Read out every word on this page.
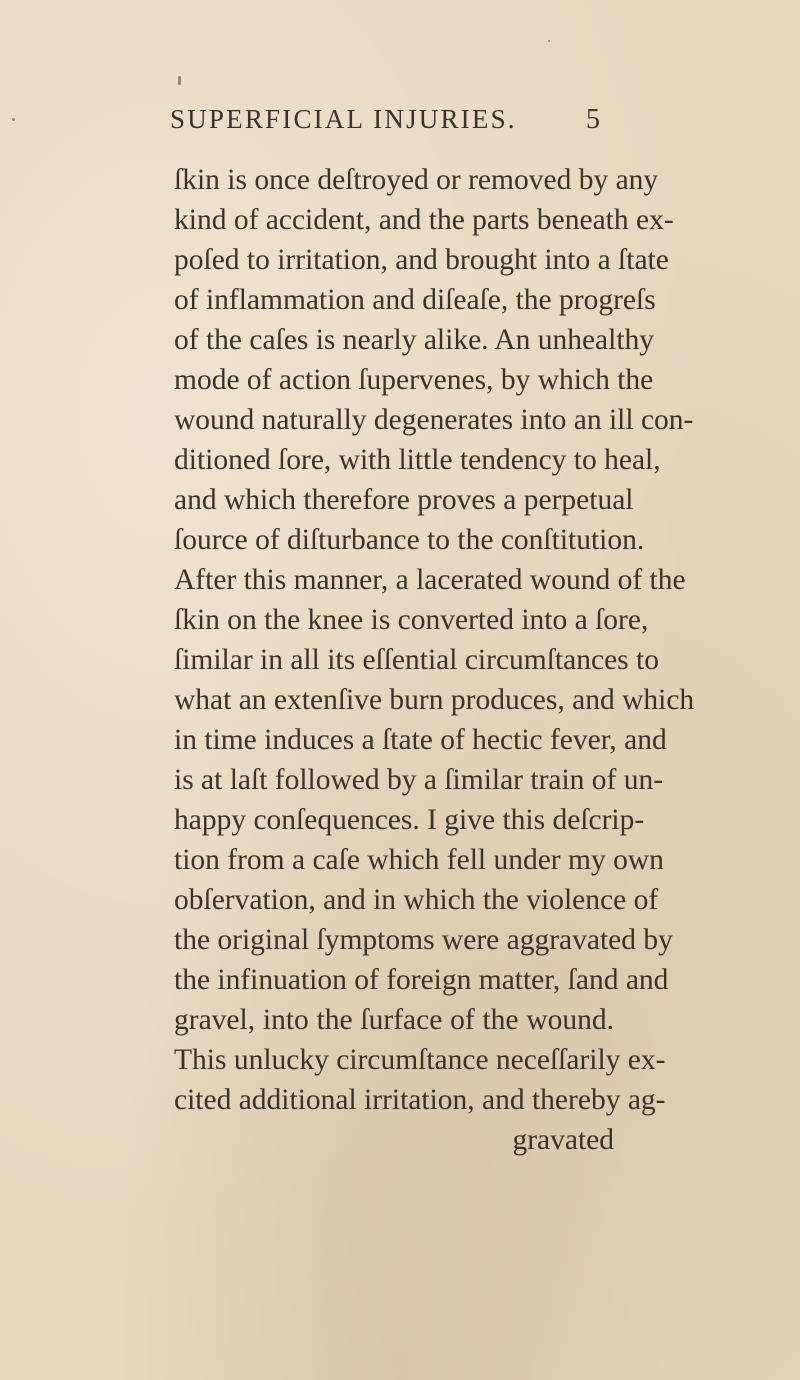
SUPERFICIAL INJURIES. 5
ſkin is once deſtroyed or removed by any
kind of accident, and the parts beneath ex-
poſed to irritation, and brought into a ſtate
of inflammation and diſeaſe, the progreſs
of the caſes is nearly alike. An unhealthy
mode of action ſupervenes, by which the
wound naturally degenerates into an ill con-
ditioned ſore, with little tendency to heal,
and which therefore proves a perpetual
ſource of diſturbance to the conſtitution.
After this manner, a lacerated wound of the
ſkin on the knee is converted into a ſore,
ſimilar in all its eſſential circumſtances to
what an extenſive burn produces, and which
in time induces a ſtate of hectic fever, and
is at laſt followed by a ſimilar train of un-
happy conſequences. I give this deſcrip-
tion from a caſe which fell under my own
obſervation, and in which the violence of
the original ſymptoms were aggravated by
the infinuation of foreign matter, ſand and
gravel, into the ſurface of the wound.
This unlucky circumſtance neceſſarily ex-
cited additional irritation, and thereby ag-
gravated
